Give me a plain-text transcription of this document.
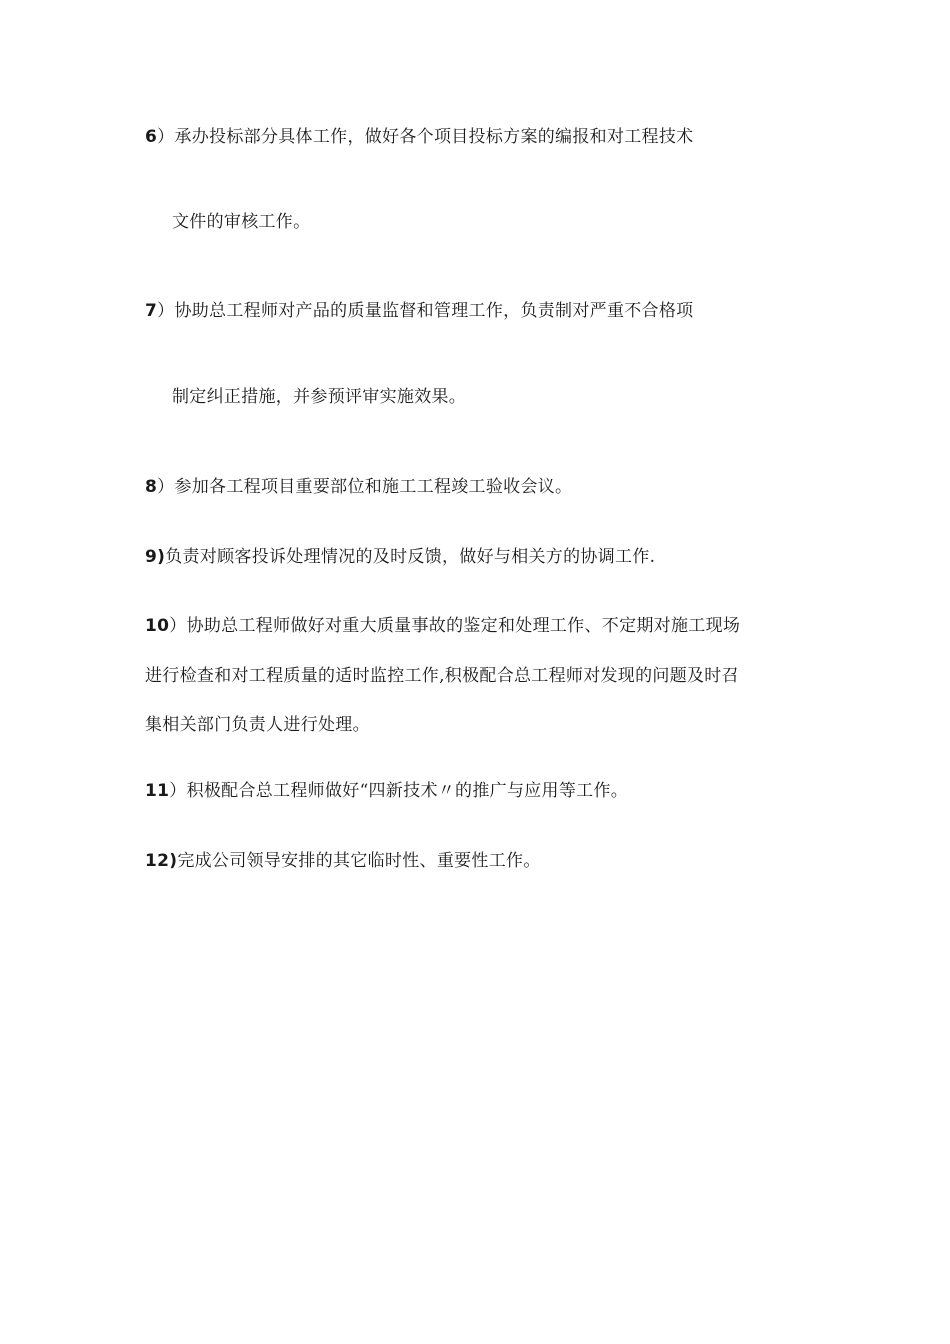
6）承办投标部分具体工作，做好各个项目投标方案的编报和对工程技术
文件的审核工作。
7）协助总工程师对产品的质量监督和管理工作，负责制对严重不合格项
制定纠正措施，并参预评审实施效果。
8）参加各工程项目重要部位和施工工程竣工验收会议。
9)负责对顾客投诉处理情况的及时反馈，做好与相关方的协调工作.
10）协助总工程师做好对重大质量事故的鉴定和处理工作、不定期对施工现场
进行检查和对工程质量的适时监控工作,积极配合总工程师对发现的问题及时召
集相关部门负责人进行处理。
11）积极配合总工程师做好“四新技术〃的推广与应用等工作。
12)完成公司领导安排的其它临时性、重要性工作。
